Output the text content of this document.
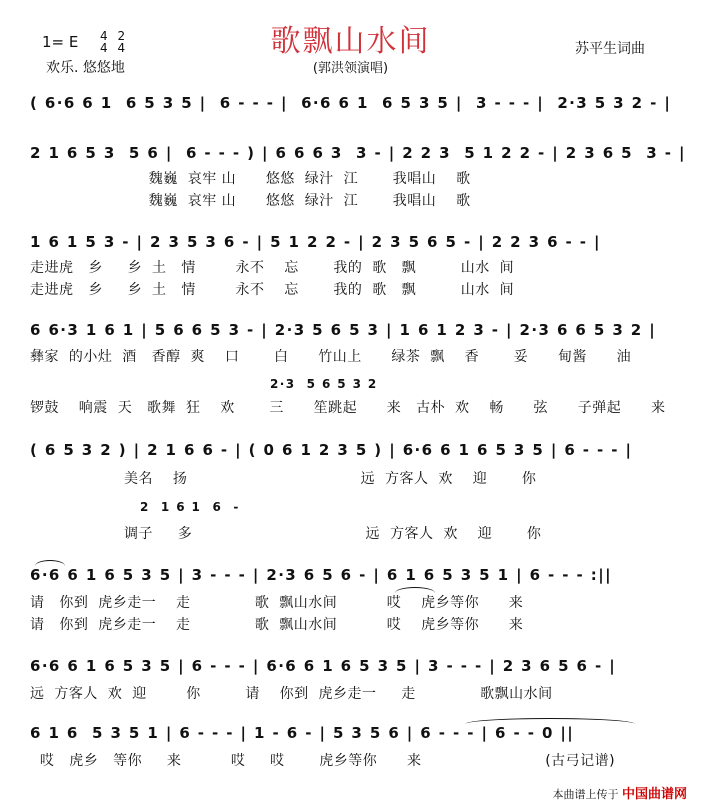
歌飘山水间
1= E 4
4 2
4
欢乐. 悠悠地
苏平生词曲
(郭洪领演唱)
( 6·6 6 1  6 5 3 5 |  6 - - - |  6·6 6 1  6 5 3 5 |  3 - - - |  2·3 5 3 2 - |
2 1 6 5 3  5 6 |  6 - - - ) | 6 6 6 3  3 - | 2 2 3  5 1 2 2 - | 2 3 6 5  3 - |
魏巍  哀牢 山      悠悠  绿汁  江       我唱山    歌
魏巍  哀牢 山      悠悠  绿汁  江       我唱山    歌
1 6 1 5 3 - | 2 3 5 3 6 - | 5 1 2 2 - | 2 3 5 6 5 - | 2 2 3 6 - - |
走进虎   乡     乡  土   情        永不    忘       我的  歌   飘         山水  间
走进虎   乡     乡  土   情        永不    忘       我的  歌   飘         山水  间
6 6·3 1 6 1 | 5 6 6 5 3 - | 2·3 5 6 5 3 | 1 6 1 2 3 - | 2·3 6 6 5 3 2 |
彝家  的小灶  酒   香醇  爽    口       白      竹山上      绿茶  飘    香       妥      甸酱      油
2·3  5 6 5 3 2
锣鼓    响震  天   歌舞  狂    欢       三      笙跳起      来   古朴  欢    畅      弦      子弹起      来
( 6 5 3 2 ) | 2 1 6 6 - | ( 0 6 1 2 3 5 ) | 6·6 6 1 6 5 3 5 | 6 - - - |
美名    扬                                   远  方客人  欢    迎       你
2  1 6 1  6  -
调子     多                                   远  方客人  欢    迎       你
6·6 6 1 6 5 3 5 | 3 - - - | 2·3 6 5 6 - | 6 1 6 5 3 5 1 | 6 - - - :||
请   你到  虎乡走一    走             歌  飘山水间          哎    虎乡等你      来
请   你到  虎乡走一    走             歌  飘山水间          哎    虎乡等你      来
6·6 6 1 6 5 3 5 | 6 - - - | 6·6 6 1 6 5 3 5 | 3 - - - | 2 3 6 5 6 - |
远  方客人  欢  迎        你         请    你到  虎乡走一     走             歌飘山水间
6 1 6  5 3 5 1 | 6 - - - | 1 - 6 - | 5 3 5 6 | 6 - - - | 6 - - 0 ||
哎   虎乡   等你     来          哎     哎       虎乡等你      来                         (古弓记谱)
本曲谱上传于 中国曲谱网
